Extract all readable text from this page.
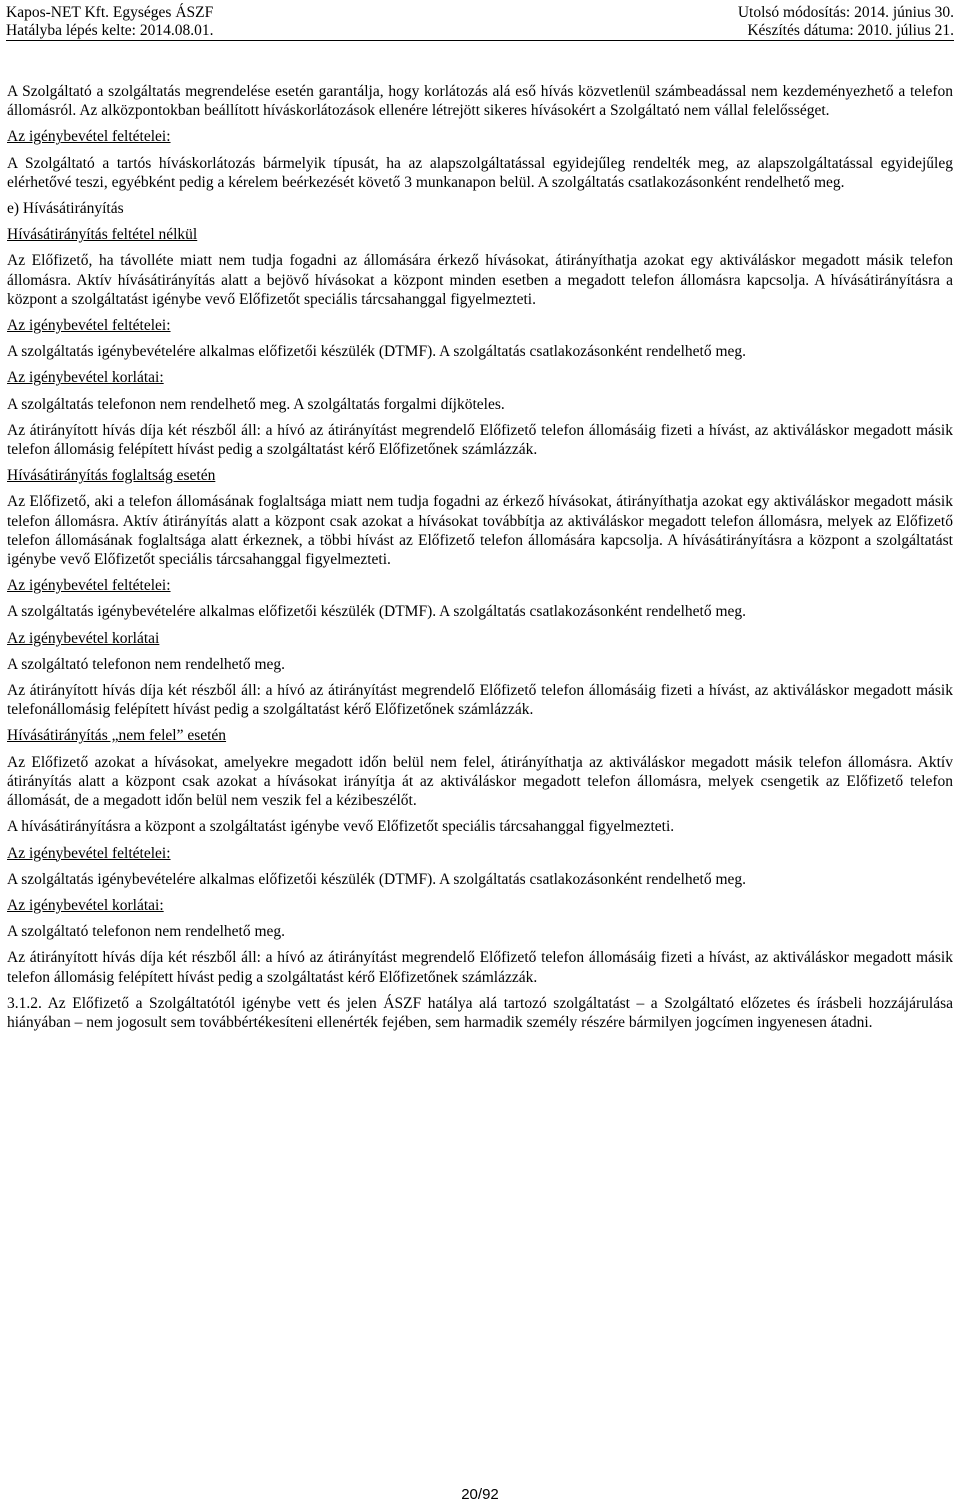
Kapos-NET Kft. Egységes ÁSZF	Utolsó módosítás: 2014. június 30.
Hatályba lépés kelte: 2014.08.01.	Készítés dátuma: 2010. július 21.

A Szolgáltató a szolgáltatás megrendelése esetén garantálja, hogy korlátozás alá eső hívás közvetlenül számbeadással nem kezdeményezhető a telefon állomásról. Az alközpontokban beállított híváskorlátozások ellenére létrejött sikeres hívásokért a Szolgáltató nem vállal felelősséget.

Az igénybevétel feltételei:

A Szolgáltató a tartós híváskorlátozás bármelyik típusát, ha az alapszolgáltatással egyidejűleg rendelték meg, az alapszolgáltatással egyidejűleg elérhetővé teszi, egyébként pedig a kérelem beérkezését követő 3 munkanapon belül. A szolgáltatás csatlakozásonként rendelhető meg.

e) Hívásátirányítás

Hívásátirányítás feltétel nélkül

Az Előfizető, ha távolléte miatt nem tudja fogadni az állomására érkező hívásokat, átirányíthatja azokat egy aktiváláskor megadott másik telefon állomásra. Aktív hívásátirányítás alatt a bejövő hívásokat a központ minden esetben a megadott telefon állomásra kapcsolja. A hívásátirányításra a központ a szolgáltatást igénybe vevő Előfizetőt speciális tárcsahanggal figyelmezteti.

Az igénybevétel feltételei:

A szolgáltatás igénybevételére alkalmas előfizetői készülék (DTMF). A szolgáltatás csatlakozásonként rendelhető meg.

Az igénybevétel korlátai:

A szolgáltatás telefonon nem rendelhető meg. A szolgáltatás forgalmi díjköteles.

Az átirányított hívás díja két részből áll: a hívó az átirányítást megrendelő Előfizető telefon állomásáig fizeti a hívást, az aktiváláskor megadott másik telefon állomásig felépített hívást pedig a szolgáltatást kérő Előfizetőnek számlázzák.

Hívásátirányítás foglaltság esetén

Az Előfizető, aki a telefon állomásának foglaltsága miatt nem tudja fogadni az érkező hívásokat, átirányíthatja azokat egy aktiváláskor megadott másik telefon állomásra. Aktív átirányítás alatt a központ csak azokat a hívásokat továbbítja az aktiváláskor megadott telefon állomásra, melyek az Előfizető telefon állomásának foglaltsága alatt érkeznek, a többi hívást az Előfizető telefon állomására kapcsolja. A hívásátirányításra a központ a szolgáltatást igénybe vevő Előfizetőt speciális tárcsahanggal figyelmezteti.

Az igénybevétel feltételei:

A szolgáltatás igénybevételére alkalmas előfizetői készülék (DTMF). A szolgáltatás csatlakozásonként rendelhető meg.

Az igénybevétel korlátai

A szolgáltató telefonon nem rendelhető meg.

Az átirányított hívás díja két részből áll: a hívó az átirányítást megrendelő Előfizető telefon állomásáig fizeti a hívást, az aktiváláskor megadott másik telefonállomásig felépített hívást pedig a szolgáltatást kérő Előfizetőnek számlázzák.

Hívásátirányítás „nem felel” esetén

Az Előfizető azokat a hívásokat, amelyekre megadott időn belül nem felel, átirányíthatja az aktiváláskor megadott másik telefon állomásra. Aktív átirányítás alatt a központ csak azokat a hívásokat irányítja át az aktiváláskor megadott telefon állomásra, melyek csengetik az Előfizető telefon állomását, de a megadott időn belül nem veszik fel a kézibeszélőt.

A hívásátirányításra a központ a szolgáltatást igénybe vevő Előfizetőt speciális tárcsahanggal figyelmezteti.

Az igénybevétel feltételei:

A szolgáltatás igénybevételére alkalmas előfizetői készülék (DTMF). A szolgáltatás csatlakozásonként rendelhető meg.

Az igénybevétel korlátai:

A szolgáltató telefonon nem rendelhető meg.

Az átirányított hívás díja két részből áll: a hívó az átirányítást megrendelő Előfizető telefon állomásáig fizeti a hívást, az aktiváláskor megadott másik telefon állomásig felépített hívást pedig a szolgáltatást kérő Előfizetőnek számlázzák.

3.1.2. Az Előfizető a Szolgáltatótól igénybe vett és jelen ÁSZF hatálya alá tartozó szolgáltatást – a Szolgáltató előzetes és írásbeli hozzájárulása hiányában – nem jogosult sem továbbértékesíteni ellenérték fejében, sem harmadik személy részére bármilyen jogcímen ingyenesen átadni.

20/92
